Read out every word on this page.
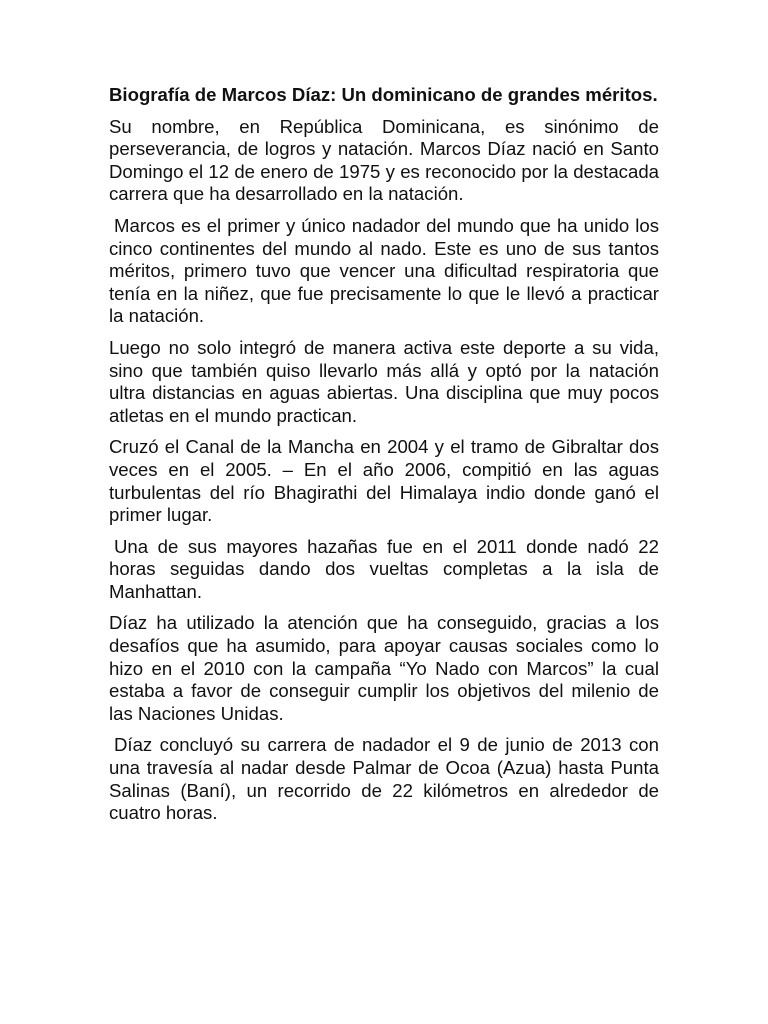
Biografía de Marcos Díaz: Un dominicano de grandes méritos.

Su nombre, en República Dominicana, es sinónimo de perseverancia, de logros y natación. Marcos Díaz nació en Santo Domingo el 12 de enero de 1975 y es reconocido por la destacada carrera que ha desarrollado en la natación.

Marcos es el primer y único nadador del mundo que ha unido los cinco continentes del mundo al nado. Este es uno de sus tantos méritos, primero tuvo que vencer una dificultad respiratoria que tenía en la niñez, que fue precisamente lo que le llevó a practicar la natación.

Luego no solo integró de manera activa este deporte a su vida, sino que también quiso llevarlo más allá y optó por la natación ultra distancias en aguas abiertas. Una disciplina que muy pocos atletas en el mundo practican.

Cruzó el Canal de la Mancha en 2004 y el tramo de Gibraltar dos veces en el 2005. – En el año 2006, compitió en las aguas turbulentas del río Bhagirathi del Himalaya indio donde ganó el primer lugar.

Una de sus mayores hazañas fue en el 2011 donde nadó 22 horas seguidas dando dos vueltas completas a la isla de Manhattan.

Díaz ha utilizado la atención que ha conseguido, gracias a los desafíos que ha asumido, para apoyar causas sociales como lo hizo en el 2010 con la campaña “Yo Nado con Marcos” la cual estaba a favor de conseguir cumplir los objetivos del milenio de las Naciones Unidas.

Díaz concluyó su carrera de nadador el 9 de junio de 2013 con una travesía al nadar desde Palmar de Ocoa (Azua) hasta Punta Salinas (Baní), un recorrido de 22 kilómetros en alrededor de cuatro horas.
